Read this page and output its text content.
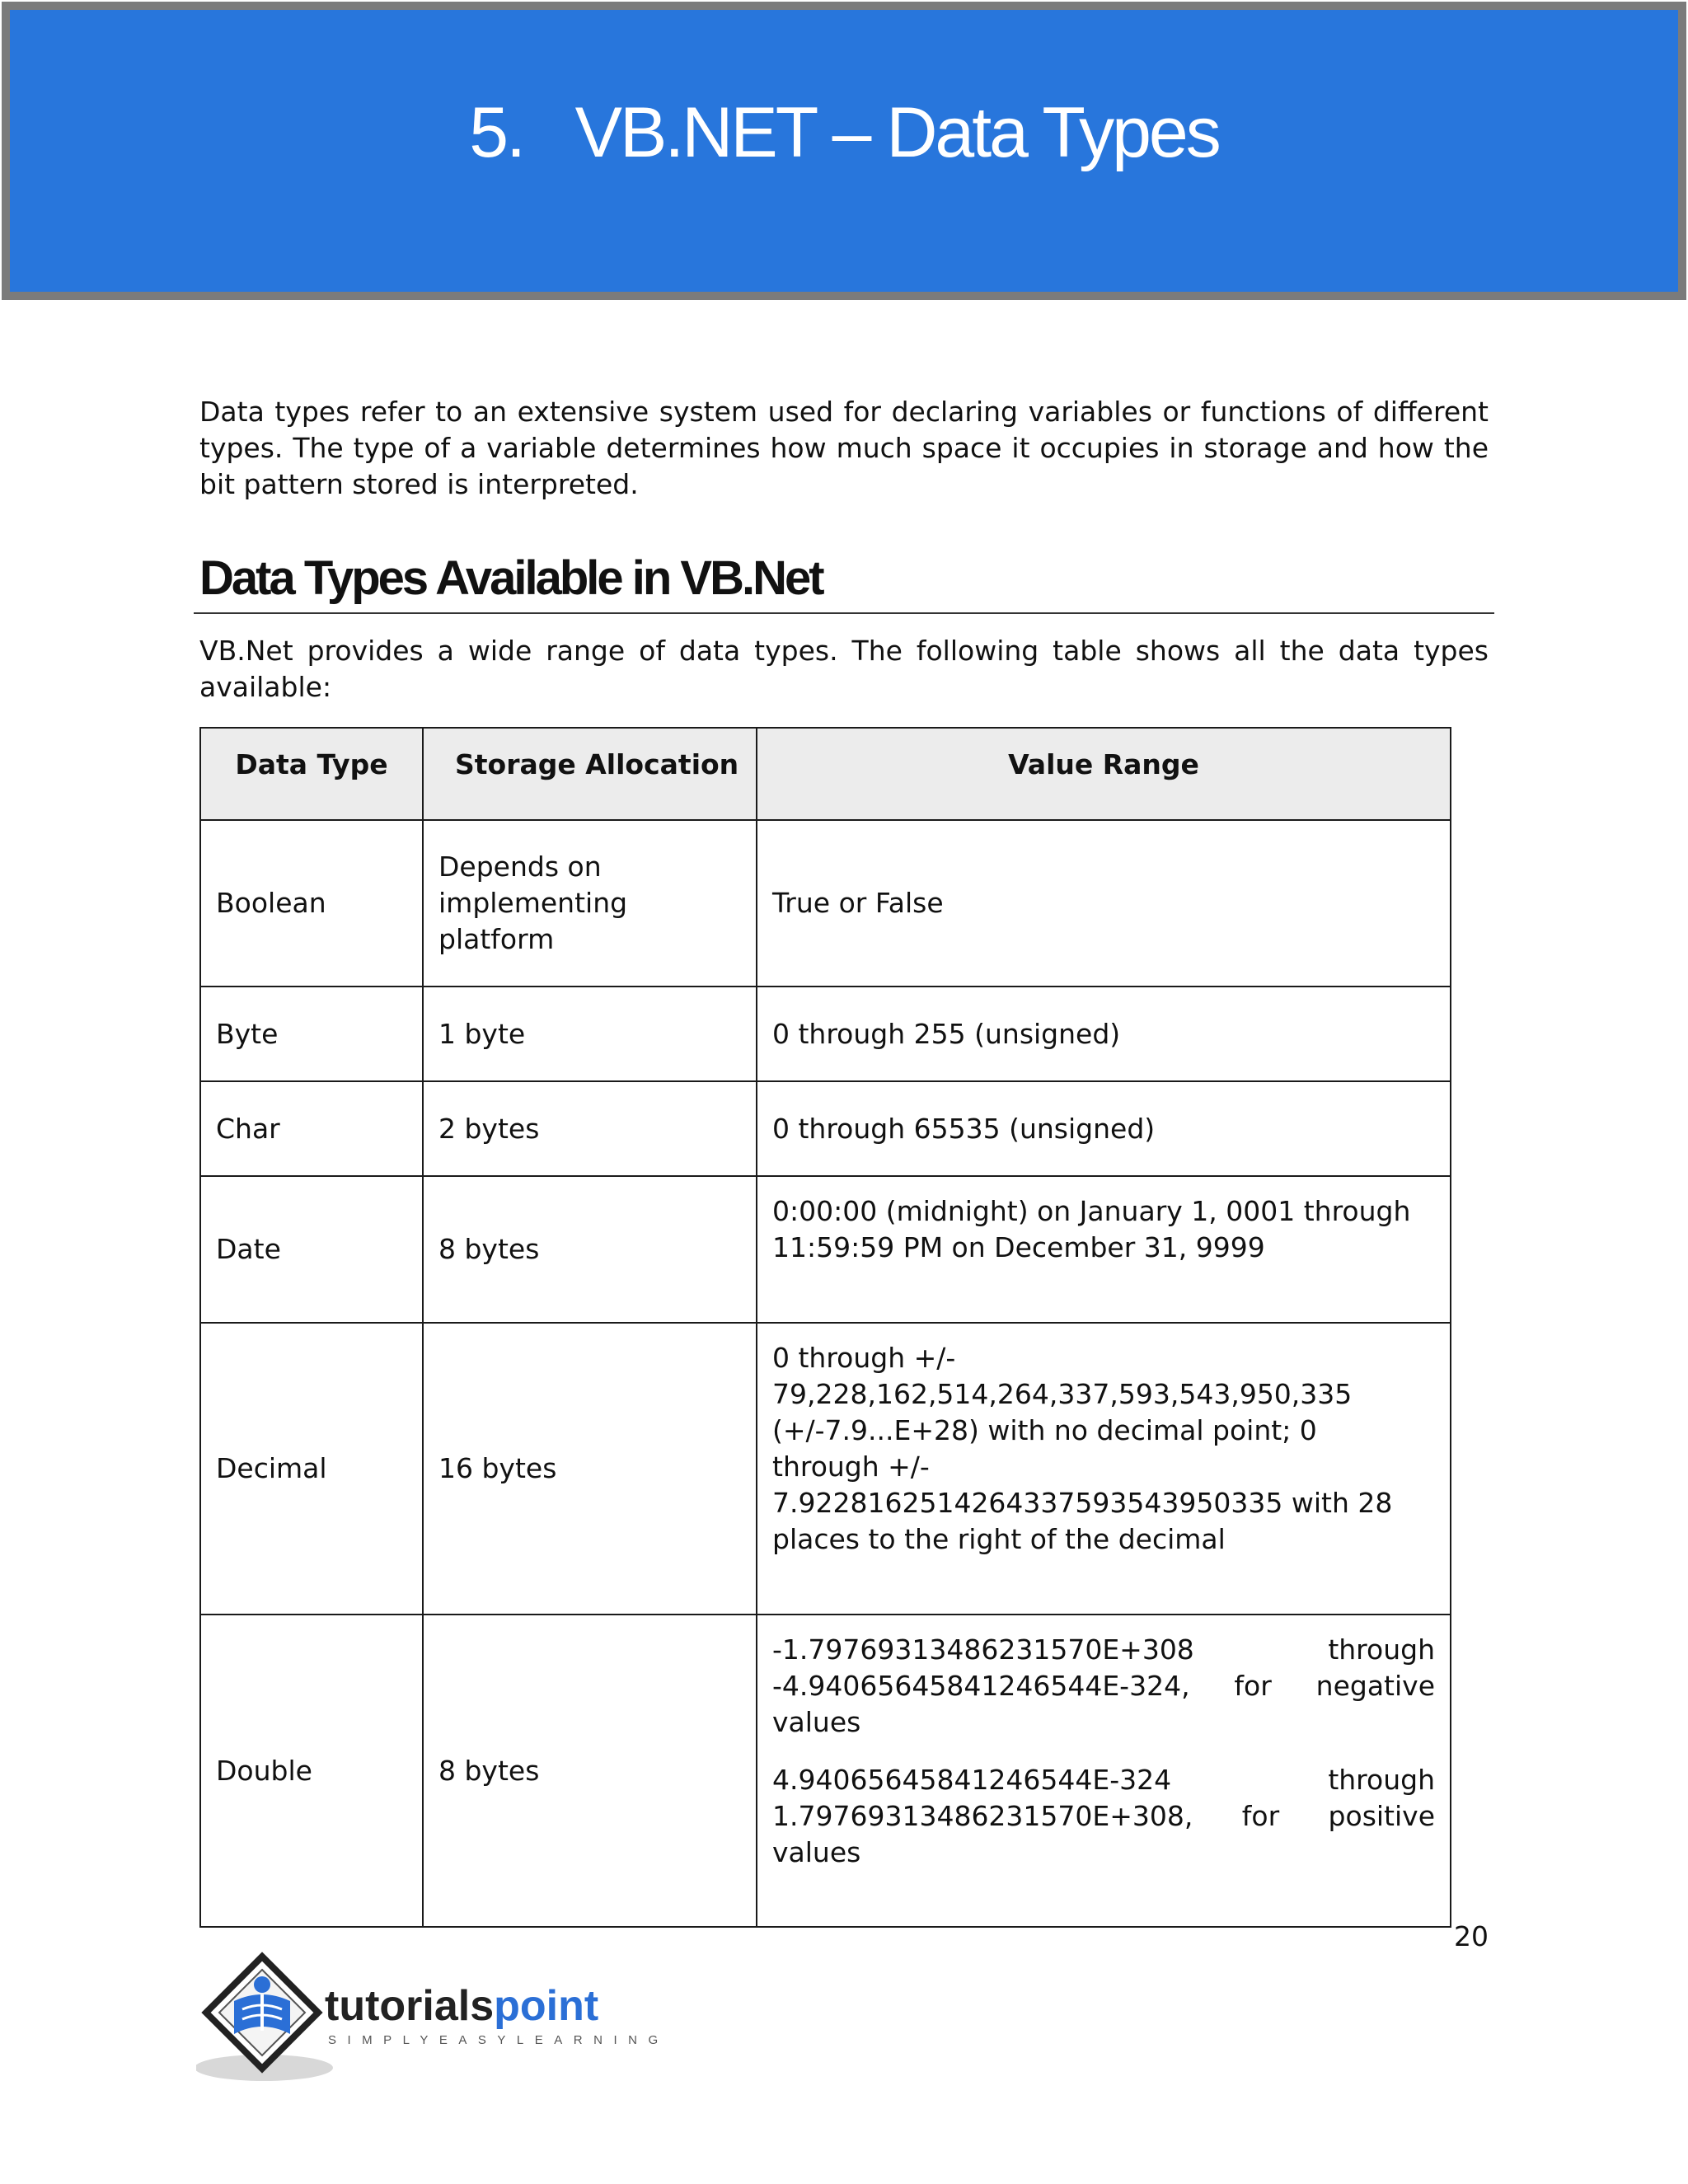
5.   VB.NET – Data Types

Data types refer to an extensive system used for declaring variables or functions of different types. The type of a variable determines how much space it occupies in storage and how the bit pattern stored is interpreted.

Data Types Available in VB.Net

VB.Net provides a wide range of data types. The following table shows all the data types available:

Data Type	Storage Allocation	Value Range
Boolean	Depends on implementing platform	True or False
Byte	1 byte	0 through 255 (unsigned)
Char	2 bytes	0 through 65535 (unsigned)
Date	8 bytes	0:00:00 (midnight) on January 1, 0001 through 11:59:59 PM on December 31, 9999

Decimal	16 bytes	0 through +/- 79,228,162,514,264,337,593,543,950,335 (+/-7.9...E+28) with no decimal point; 0 through +/- 7.9228162514264337593543950335 with 28 places to the right of the decimal

Double	8 bytes	-1.79769313486231570E+308 through -4.94065645841246544E-324, for negative values

4.94065645841246544E-324 through 1.79769313486231570E+308, for positive values

20
tutorialspoint
SIMPLYEASYLEARNING
